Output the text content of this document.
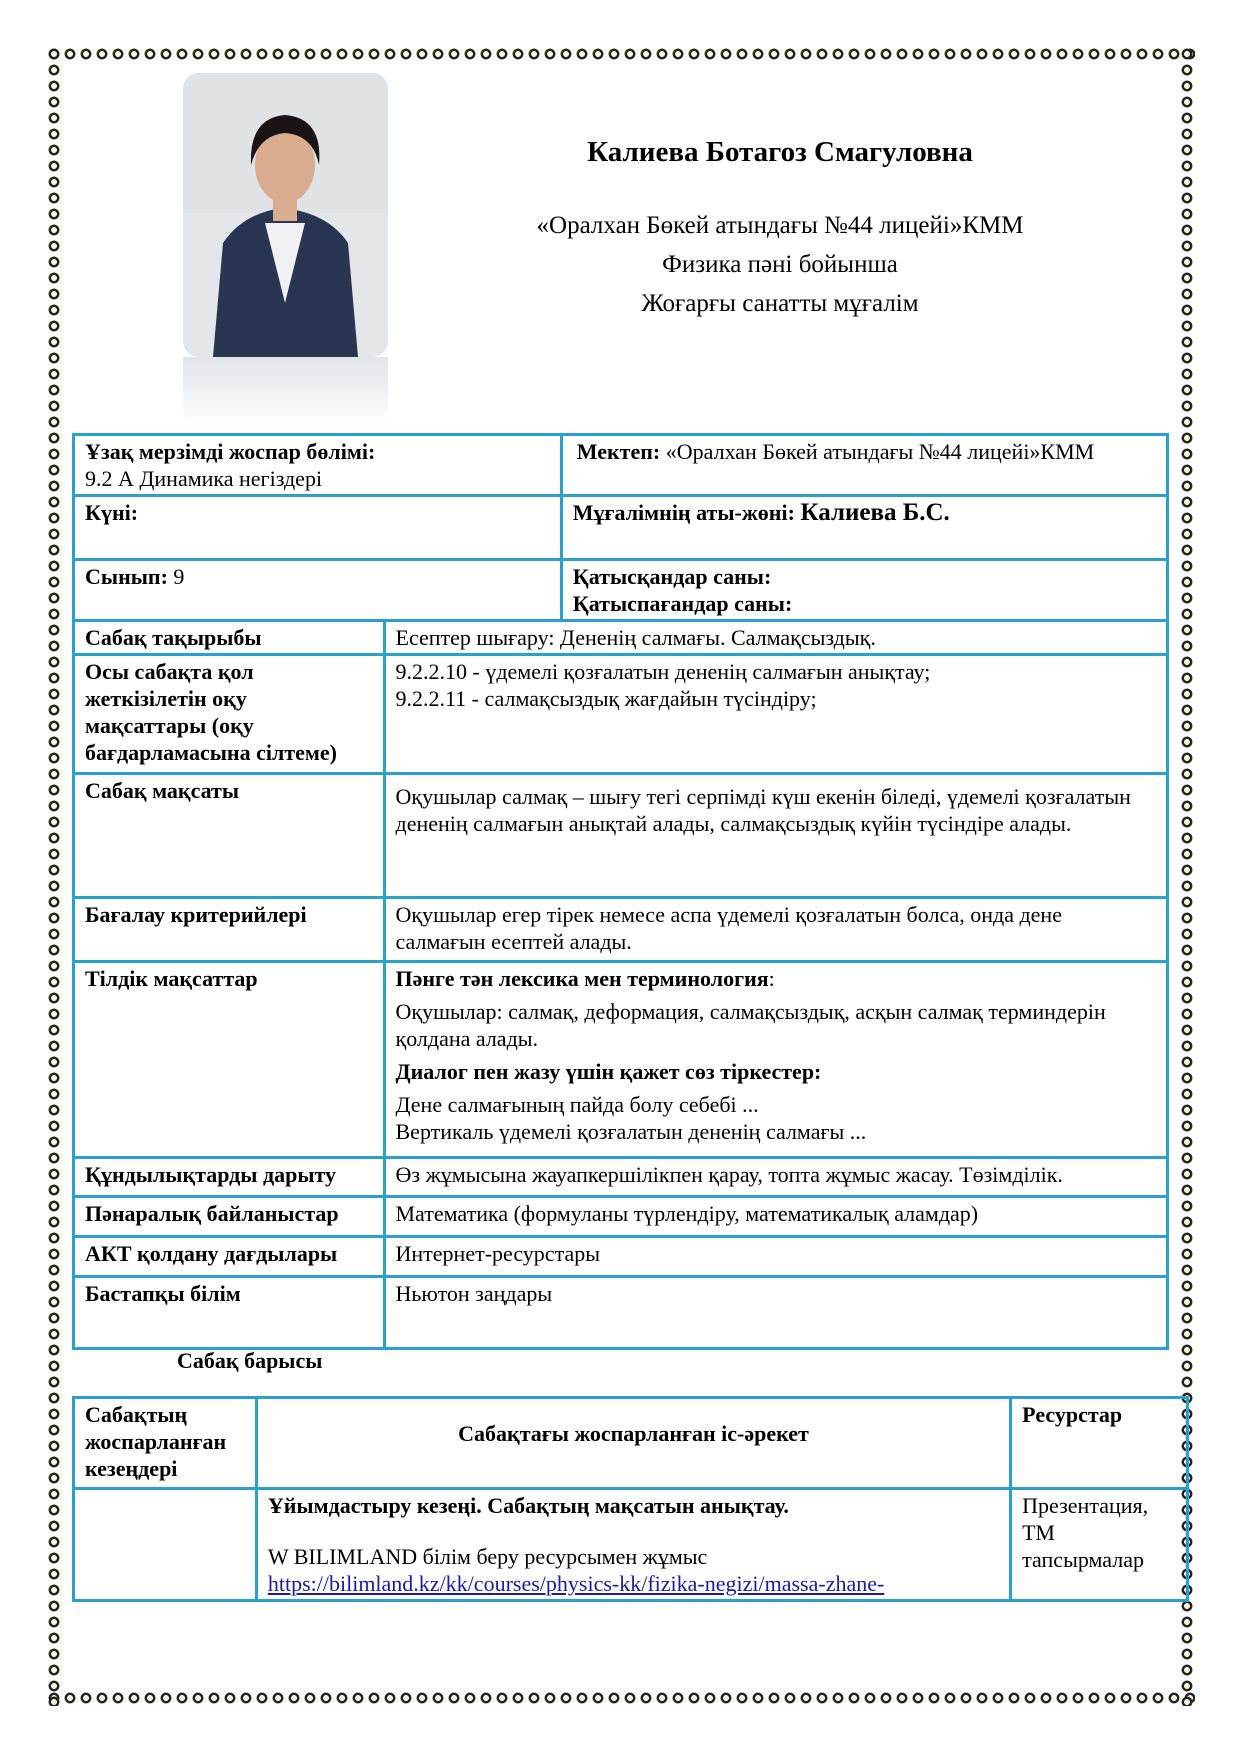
Калиева Ботагоз Смагуловна
«Оралхан Бөкей атындағы №44 лицейі»КММ
Физика пәні бойынша
Жоғарғы санатты мұғалім
Ұзақ мерзімді жоспар бөлімі:
9.2 А Динамика негіздері		Мектеп: «Оралхан Бөкей атындағы №44 лицейі»КММ
Күні:		Мұғалімнің аты-жөні: Калиева Б.С.
Сынып: 9		Қатысқандар саны:
Қатыспағандар саны:
Сабақ тақырыбы	Есептер шығару: Дененің салмағы. Салмақсыздық.	
Осы сабақта қол жеткізілетін оқу мақсаттары (оқу бағдарламасына сілтеме)	9.2.2.10 - үдемелі қозғалатын дененің салмағын анықтау;
9.2.2.11 - салмақсыздық жағдайын түсіндіру;	

Сабақ мақсаты	Оқушылар салмақ – шығу тегі серпімді күш екенін біледі, үдемелі қозғалатын дененің салмағын анықтай алады, салмақсыздық күйін түсіндіре алады.	

Бағалау критерийлері	Оқушылар егер тірек немесе аспа үдемелі қозғалатын болса, онда дене салмағын есептей алады.	
Тілдік мақсаттар	Пәнге тән лексика мен терминология:
Оқушылар: салмақ, деформация, салмақсыздық, асқын салмақ терминдерін қолдана алады.
Диалог пен жазу үшін қажет сөз тіркестер:
Дене салмағының пайда болу себебі ...
Вертикаль үдемелі қозғалатын дененің салмағы ...	

Құндылықтарды дарыту	Өз жұмысына жауапкершілікпен қарау, топта жұмыс жасау. Төзімділік.	
Пәнаралық байланыстар	Математика (формуланы түрлендіру, математикалық аламдар)	
АКТ қолдану дағдылары	Интернет-ресурстары	
Бастапқы білім	Ньютон заңдары	
Сабақ барысы
Сабақтың жоспарланған кезеңдері	Сабақтағы жоспарланған іс-әрекет	Ресурстар

	Ұйымдастыру кезеңі. Сабақтың мақсатын анықтау.
W BILIMLAND білім беру ресурсымен жұмыс
https://bilimland.kz/kk/courses/physics-kk/fizika-negizi/massa-zhane-	Презентация, ТМ тапсырмалар
